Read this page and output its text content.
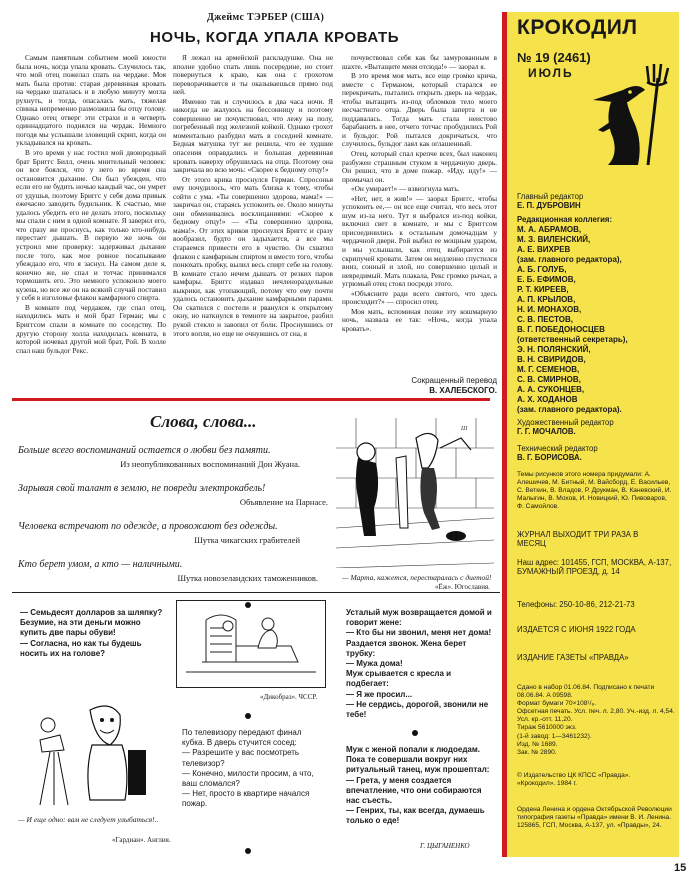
Джеймс ТЭРБЕР (США)
НОЧЬ, КОГДА УПАЛА КРОВАТЬ

Самым памятным событием моей юности была ночь, когда упала кровать. Случилось так, что мой отец пожелал спать на чердаке. Моя мать была против: старая деревянная кровать на чердаке шаталась и в любую минуту могла рухнуть, и тогда, опасалась мать, тяжелая спинка непременно размозжила бы отцу голову. Однако отец отверг эти страхи и в четверть одиннадцатого поднялся на чердак. Немного погодя мы услышали зловещий скрип, когда он укладывался на кровать.

В это время у нас гостил мой двоюродный брат Бриггс Билл, очень мнительный человек: он все боялся, что у него во время сна остановится дыхание. Он был убежден, что если его не будить ночью каждый час, он умрет от удушья, поэтому Бриггс у себя дома привык ежечасно заводить будильник. К счастью, мне удалось убедить его не делать этого, поскольку мы спали с ним в одной комнате. Я заверил его, что сразу же проснусь, как только кто-нибудь перестает дышать. В первую же ночь он устроил мне проверку: задерживал дыхание после того, как мое ровное посапывание убеждало его, что я заснул. На самом деле я, конечно же, не спал и тотчас принимался тормошить его. Это немного успокоило моего кузена, но все же он на всякий случай поставил у себя в изголовье флакон камфарного спирта.

В комнате под чердаком, где спал отец, находились мать и мой брат Герман; мы с Бриггсом спали в комнате по соседству. По другую сторону холла находилась комната, в которой ночевал другой мой брат, Рой. В холле спал наш бульдог Рекс.

Я лежал на армейской раскладушке. Она не вполне удобно спать лишь посередине, но стоит повернуться к краю, как она с грохотом переворачивается и ты оказываешься прямо под ней.

Именно так и случилось в два часа ночи. Я никогда не жалуюсь на бессонницу и поэтому совершенно не почувствовал, что лежу на полу, погребенный под железной койкой. Однако грохот моментально разбудил мать в соседней комнате. Бедная матушка тут же решила, что ее худшие опасения оправдались и большая деревянная кровать наверху обрушилась на отца. Поэтому она закричала во всю мочь: «Скорее к бедному отцу!»

От этого крика проснулся Герман. Спросонья ему почудилось, что мать близка к тому, чтобы сойти с ума. «Ты совершенно здорова, мама!» — закричал он, стараясь успокоить ее. Около минуты они обменивались восклицаниями: «Скорее к бедному отцу!» — «Ты совершенно здорова, мама!». От этих криков проснулся Бриггс и сразу вообразил, будто он задыхается, а все мы стараемся привести его в чувство. Он схватил флакон с камфарным спиртом и вместо того, чтобы понюхать пробку, вылил весь спирт себе на голову. В комнате стало нечем дышать от резких паров камфары. Бриггс издавал нечленораздельные выкрики, как утопающий, потому что ему почти удалось остановить дыхание камфарными парами. Он скатился с постели и рванулся к открытому окну, но наткнулся в темноте на закрытое, разбил рукой стекло и завопил от боли. Проснувшись от этого вопля, но еще не очнувшись от сна, я

почувствовал себя как бы замурованным в шахте. «Вытащите меня отсюда!» — заорал я.

В это время моя мать, все еще громко крича, вместе с Германом, который старался ее перекричать, пытались открыть дверь на чердак, чтобы вытащить из-под обломков тело моего несчастного отца. Дверь была заперта и не поддавалась. Тогда мать стала неистово барабанить в нее, отчего тотчас пробудились Рой и бульдог. Рой пытался докричаться, что случилось, бульдог лаял как оглашенный.

Отец, который спал крепче всех, был наконец разбужен страшным стуком в чердачную дверь. Он решил, что в доме пожар. «Иду, иду!» — промычал он.

«Он умирает!» — взвизгнула мать.

«Нет, нет, я жив!» — заорал Бриггс, чтобы успокоить ее,— он все еще считал, что весь этот шум из-за него. Тут я выбрался из-под койки, включил свет в комнате, и мы с Бриггсом присоединились к остальным домочадцам у чердачной двери. Рой выбил ее мощным ударом, и мы услышали, как отец выбирается из скрипучей кровати. Затем он медленно спустился вниз, сонный и злой, но совершенно целый и невредимый. Мать плакала, Рекс громко рычал, а угрюмый отец стоял посреди этого.

«Объясните ради всего святого, что здесь происходит?» — спросил отец.

Моя мать, вспоминая позже эту кошмарную ночь, назвала ее так: «Ночь, когда упала кровать».

Сокращенный перевод
В. ХАЛЕБСКОГО.
КРОКОДИЛ
№ 19 (2461)
ИЮЛЬ
Главный редактор
Е. П. ДУБРОВИН
Редакционная коллегия:
М. А. АБРАМОВ,
М. З. ВИЛЕНСКИЙ,
А. Е. ВИХРЕВ
(зам. главного редактора),
А. Б. ГОЛУБ,
Е. Б. ЕФИМОВ,
Р. Т. КИРЕЕВ,
А. П. КРЫЛОВ,
Н. И. МОНАХОВ,
С. В. ПЕСТОВ,
В. Г. ПОБЕДОНОСЦЕВ
(ответственный секретарь),
Э. Н. ПОЛЯНСКИЙ,
В. Н. СВИРИДОВ,
М. Г. СЕМЕНОВ,
С. В. СМИРНОВ,
А. А. СУКОНЦЕВ,
А. Х. ХОДАНОВ
(зам. главного редактора).
Художественный редактор
Г. Г. МОЧАЛОВ.
Технический редактор
В. Г. БОРИСОВА.
Темы рисунков этого номера придумали: А. Алешичев, М. Битный, М. Вайсборд, Е. Васильев, С. Веткин, В. Владов, Р. Друкман, В. Каневский, И. Малыгин, В. Мохов, И. Новицкий, Ю. Пивоваров, Ф. Самойлов.
ЖУРНАЛ ВЫХОДИТ ТРИ РАЗА В МЕСЯЦ
Наш адрес: 101455, ГСП, МОСКВА, А-137, БУМАЖНЫЙ ПРОЕЗД, д. 14
Телефоны: 250-10-86, 212-21-73
ИЗДАЕТСЯ С ИЮНЯ 1922 ГОДА
ИЗДАНИЕ ГАЗЕТЫ «ПРАВДА»
Сдано в набор 01.06.84. Подписано к печати 08.06.84. А 09598.
Формат бумаги 70×108¹/₈.
Офсетная печать. Усл. печ. л. 2,80. Уч.-изд. л. 4,54.
Усл. кр.-отт. 11,20.
Тираж 5610000 экз.
(1-й завод: 1—3461232).
Изд. № 1689.
Зак. № 2890.
© Издательство ЦК КПСС «Правда». «Крокодил». 1984 г.
Ордена Ленина и ордена Октябрьской Революции типография газеты «Правда» имени В. И. Ленина. 125865, ГСП, Москва, А-137, ул. «Правды», 24.
15
Слова, слова...
Больше всего воспоминаний остается о любви без памяти.
Из неопубликованных воспоминаний Дон Жуана.
Зарывая свой талант в землю, не повреди электрокабель!
Объявление на Парнасе.
Человека встречают по одежде, а провожают без одежды.
Шутка чикагских грабителей
Кто берет умом, а кто — наличными.
Шутка новозеландских таможенников.
Ш
— Марта, кажется, перестаралась с диетой!
«Ёж». Югославия.

— Семьдесят долларов за шляпку? Безумие, на эти деньги можно купить две пары обуви!

— Согласна, но как ты будешь носить их на голове?

«Дикобраз». ЧССР.
— И еще одно: вам не следует улыбаться!..
«Гардиан». Англия.

По телевизору передают финал кубка. В дверь стучится сосед:

— Разрешите у вас посмотреть телевизор?

— Конечно, милости просим, а что, ваш сломался?

— Нет, просто в квартире начался пожар.

Усталый муж возвращается домой и говорит жене:

— Кто бы ни звонил, меня нет дома!

Раздается звонок. Жена берет трубку:

— Мужа дома!

Муж срывается с кресла и подбегает:

— Я же просил...

— Не сердись, дорогой, звонили не тебе!

Муж с женой попали к людоедам. Пока те совершали вокруг них ритуальный танец, муж прошептал:

— Грета, у меня создается впечатление, что они собираются нас съесть.

— Генрих, ты, как всегда, думаешь только о еде!

Г. ЦЫГАНЕНКО
